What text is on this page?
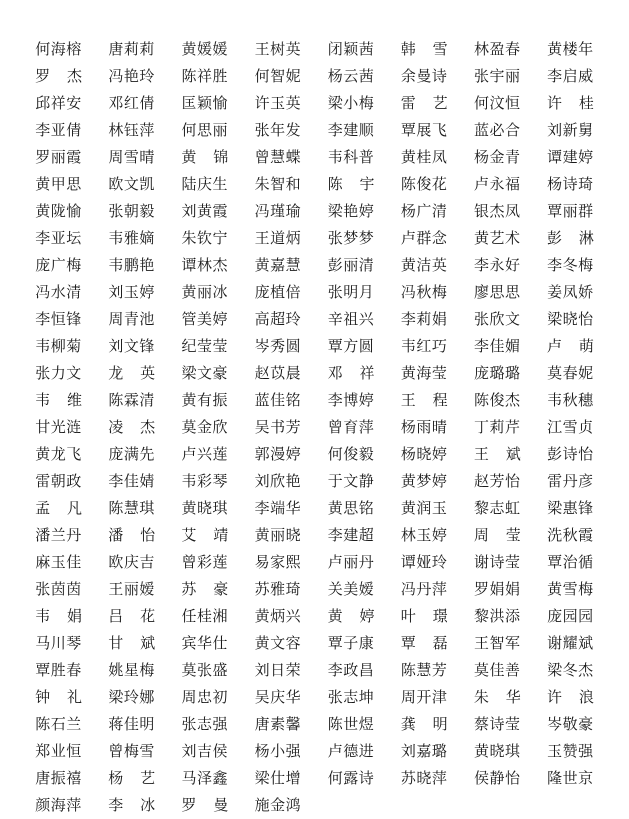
何海榕	唐莉莉	黄媛媛	王树英	闭颖茜	韩 雪	林盈春	黄楼年
罗 杰	冯艳玲	陈祥胜	何智妮	杨云茜	余曼诗	张宇丽	李启威
邱祥安	邓红倩	匡颖愉	许玉英	梁小梅	雷 艺	何汶恒	许 桂
李亚倩	林钰萍	何思丽	张年发	李建顺	覃展飞	蓝必合	刘新舅
罗丽霞	周雪晴	黄 锦	曾慧蝶	韦科普	黄桂凤	杨金青	谭建婷
黄甲思	欧文凯	陆庆生	朱智和	陈 宇	陈俊花	卢永福	杨诗琦
黄陇愉	张朝毅	刘黄霞	冯瑾瑜	梁艳婷	杨广清	银杰凤	覃丽群
李亚坛	韦雅嫡	朱钦宁	王道炳	张梦梦	卢群念	黄艺术	彭 淋
庞广梅	韦鹏艳	谭林杰	黄嘉慧	彭丽清	黄洁英	李永好	李冬梅
冯水清	刘玉婷	黄丽冰	庞植倍	张明月	冯秋梅	廖思思	姜凤娇
李恒锋	周青池	管美婷	高超玲	辛祖兴	李莉娟	张欣文	梁晓怡
韦柳菊	刘文锋	纪莹莹	岑秀圆	覃方圆	韦红巧	李佳媚	卢 萌
张力文	龙 英	梁文豪	赵苡晨	邓 祥	黄海莹	庞璐璐	莫春妮
韦 维	陈霖清	黄有振	蓝佳铭	李博婷	王 程	陈俊杰	韦秋穗
甘光涟	凌 杰	莫金欣	吴书芳	曾育萍	杨雨晴	丁莉芹	江雪贞
黄龙飞	庞满先	卢兴莲	郭漫婷	何俊毅	杨晓婷	王 斌	彭诗怡
雷朝政	李佳婧	韦彩琴	刘欣艳	于文静	黄梦婷	赵芳怡	雷丹彦
孟 凡	陈慧琪	黄晓琪	李端华	黄思铭	黄润玉	黎志虹	梁惠锋
潘兰丹	潘 怡	艾 靖	黄丽晓	李建超	林玉婷	周 莹	洗秋霞
麻玉佳	欧庆吉	曾彩莲	易家熙	卢丽丹	谭娅玲	谢诗莹	覃治循
张茵茵	王丽嫒	苏 豪	苏雅琦	关美嫒	冯丹萍	罗娟娟	黄雪梅
韦 娟	吕 花	任桂湘	黄炳兴	黄 婷	叶 璟	黎洪添	庞园园
马川琴	甘 斌	宾华仕	黄文容	覃子康	覃 磊	王智军	谢耀斌
覃胜春	姚星梅	莫张盛	刘日荣	李政昌	陈慧芳	莫佳善	梁冬杰
钟 礼	梁玲娜	周忠初	吴庆华	张志坤	周开津	朱 华	许 浪
陈石兰	蒋佳明	张志强	唐素馨	陈世煜	龚 明	蔡诗莹	岑敬豪
郑业恒	曾梅雪	刘吉侯	杨小强	卢德进	刘嘉璐	黄晓琪	玉赞强
唐振禧	杨 艺	马泽鑫	梁仕增	何露诗	苏晓萍	侯静怡	隆世京
颜海萍	李 冰	罗 曼	施金鸿
